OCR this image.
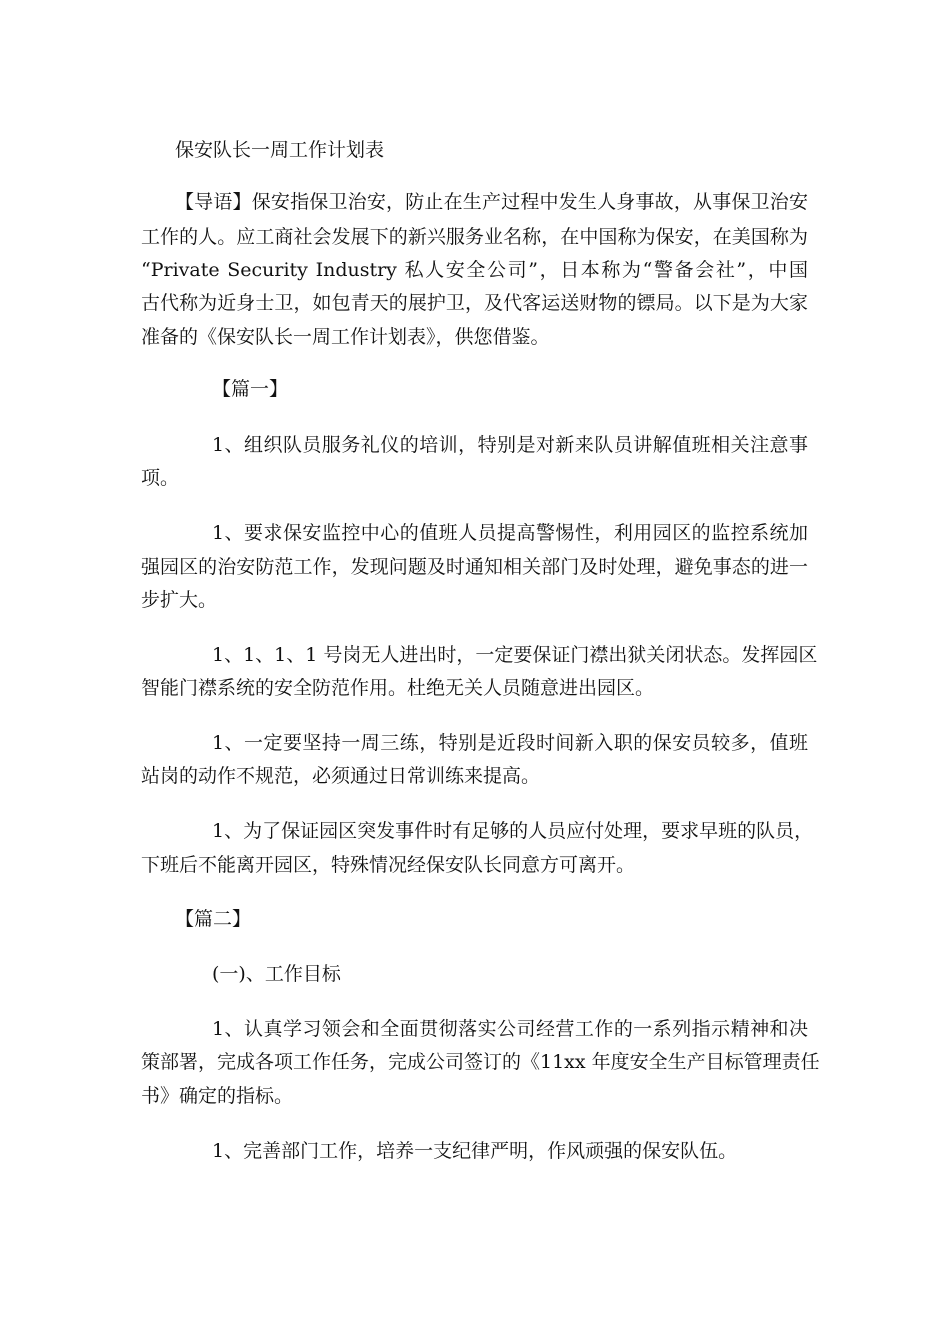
保安队长一周工作计划表

【导语】保安指保卫治安，防止在生产过程中发生人身事故，从事保卫治安

工作的人。应工商社会发展下的新兴服务业名称，在中国称为保安，在美国称为

“Private Security Industry 私人安全公司”，日本称为“警备会社”，中国

古代称为近身士卫，如包青天的展护卫，及代客运送财物的镖局。以下是为大家

准备的《保安队长一周工作计划表》，供您借鉴。

【篇一】

1、组织队员服务礼仪的培训，特别是对新来队员讲解值班相关注意事

项。

1、要求保安监控中心的值班人员提高警惕性，利用园区的监控系统加

强园区的治安防范工作，发现问题及时通知相关部门及时处理，避免事态的进一

步扩大。

1、1、1、1 号岗无人进出时，一定要保证门襟出狱关闭状态。发挥园区

智能门襟系统的安全防范作用。杜绝无关人员随意进出园区。

1、一定要坚持一周三练，特别是近段时间新入职的保安员较多，值班

站岗的动作不规范，必须通过日常训练来提高。

1、为了保证园区突发事件时有足够的人员应付处理，要求早班的队员，

下班后不能离开园区，特殊情况经保安队长同意方可离开。

【篇二】

(一)、工作目标

1、认真学习领会和全面贯彻落实公司经营工作的一系列指示精神和决

策部署，完成各项工作任务，完成公司签订的《11xx 年度安全生产目标管理责任

书》确定的指标。

1、完善部门工作，培养一支纪律严明，作风顽强的保安队伍。
